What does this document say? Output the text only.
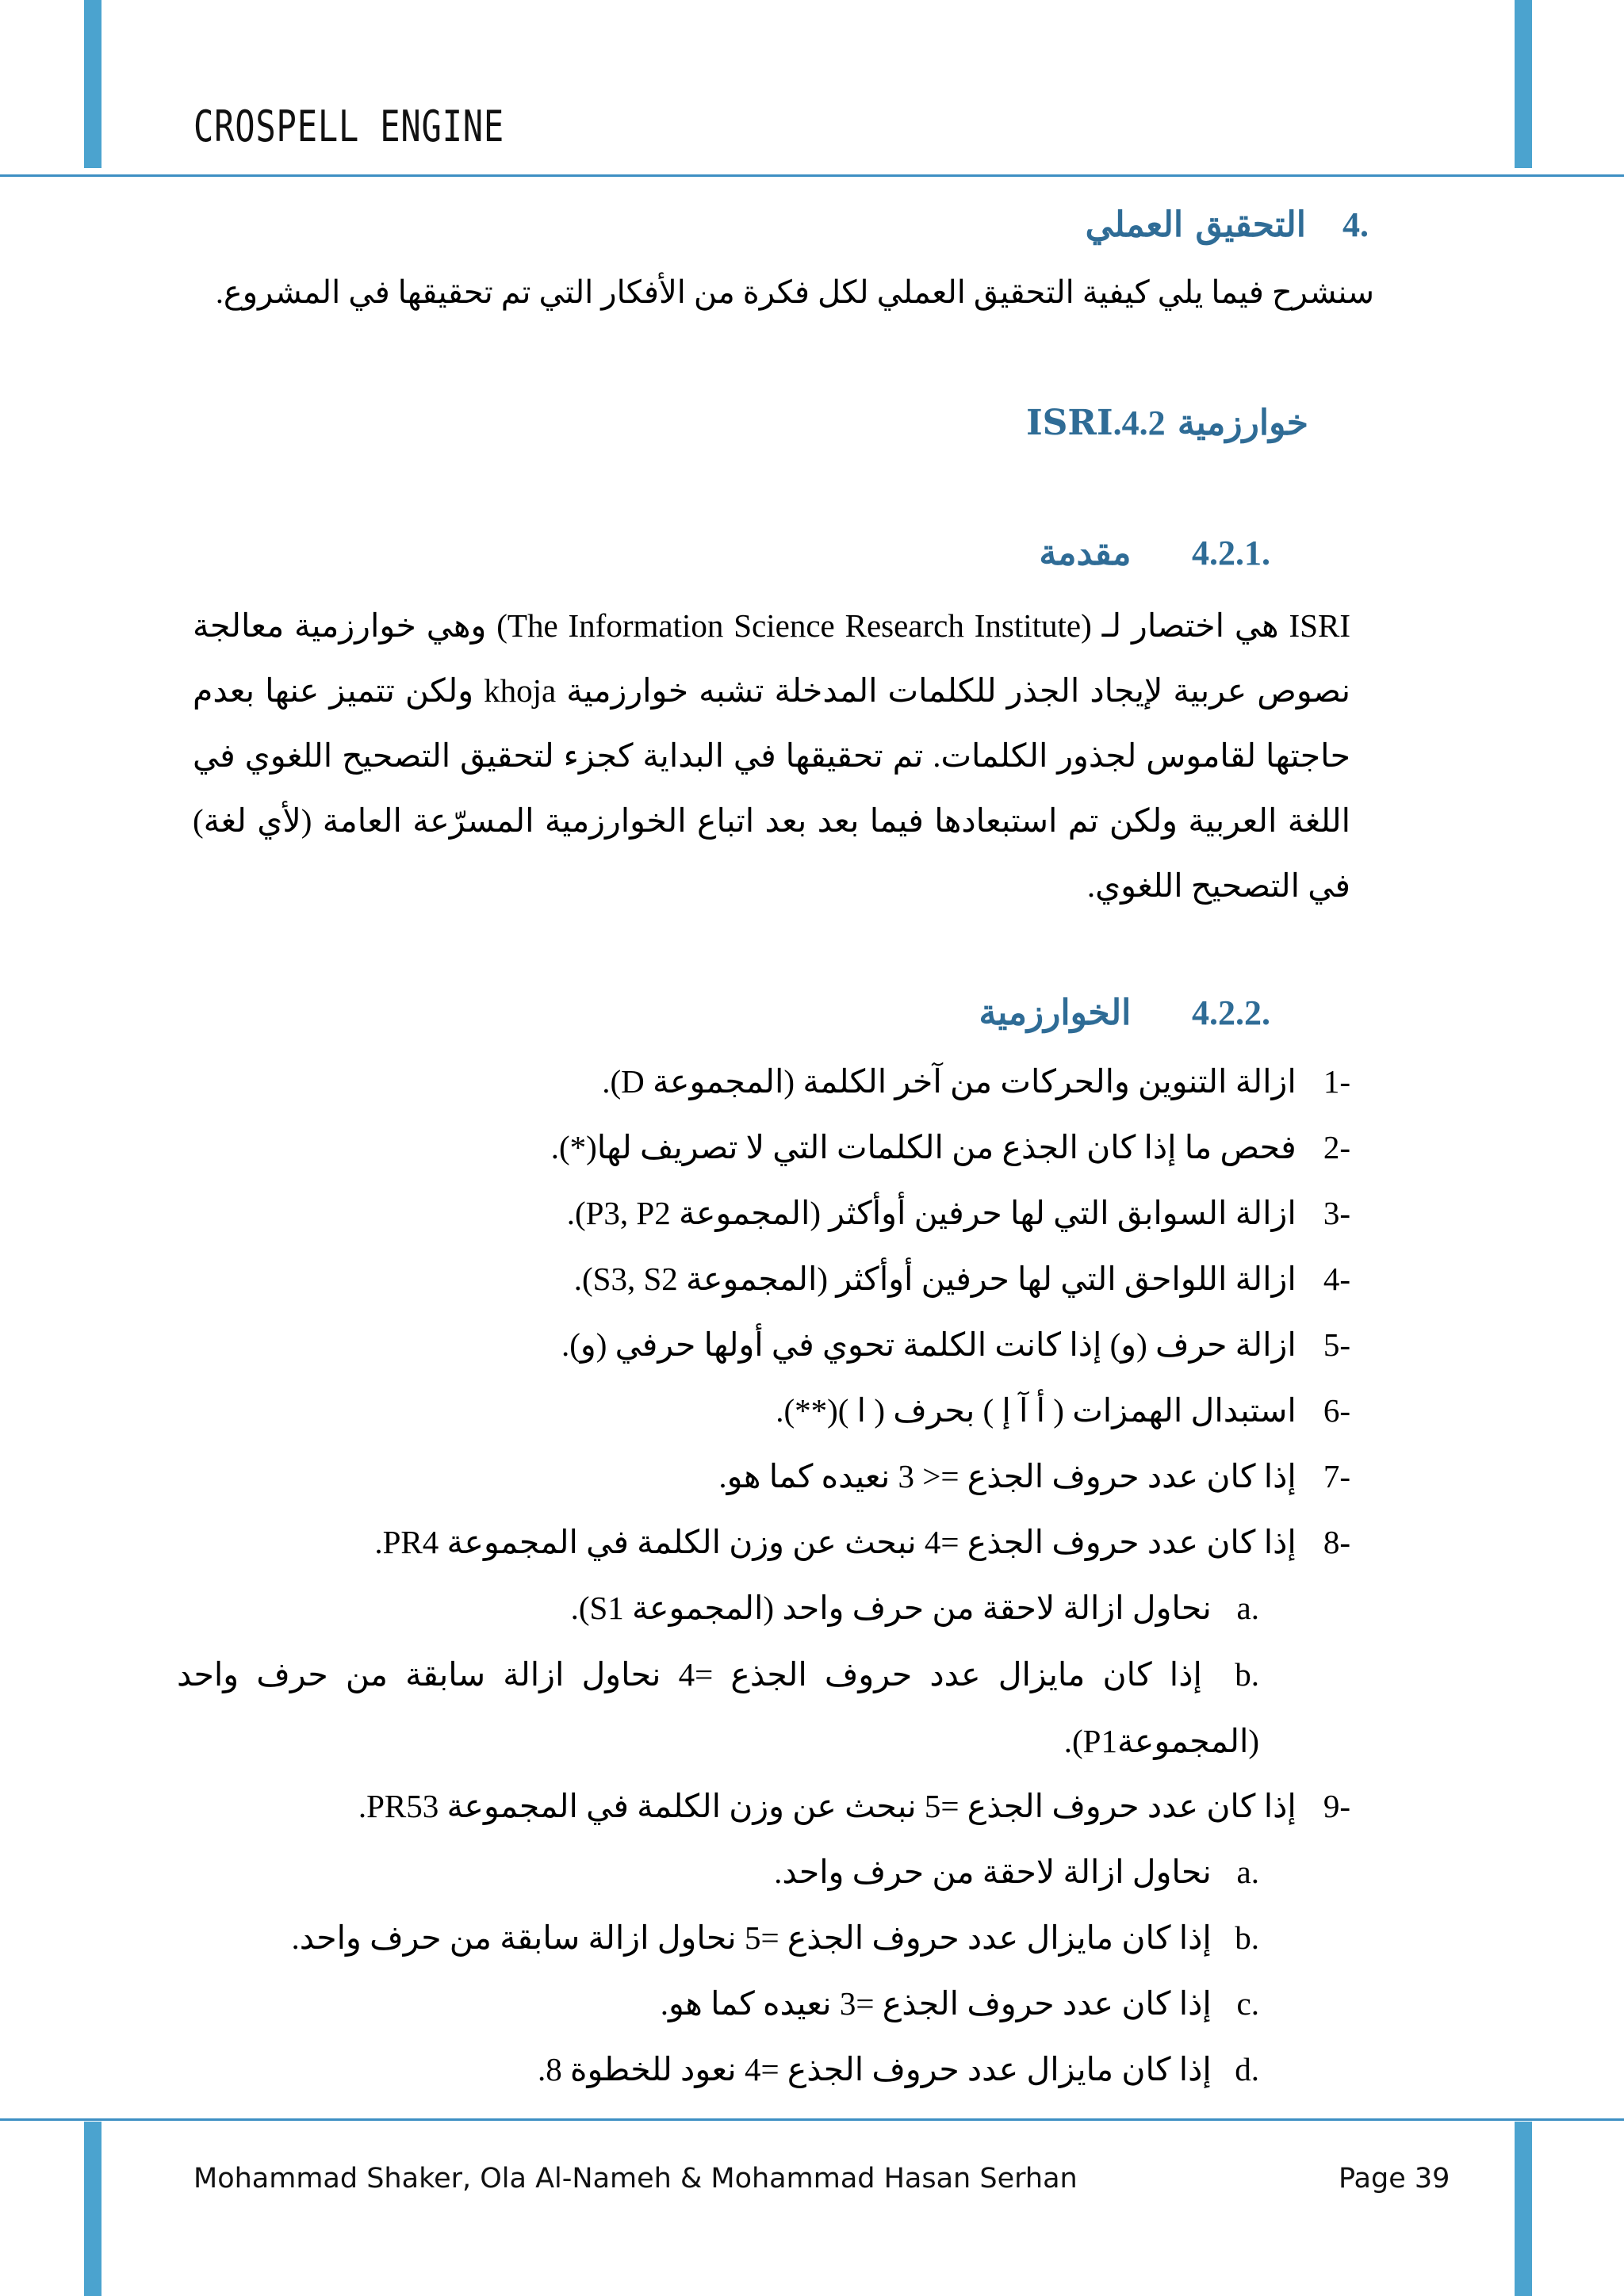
CROSPELL ENGINE
.4   التحقيق العملي
سنشرح فيما يلي كيفية التحقيق العملي لكل فكرة من الأفكار التي تم تحقيقها في المشروع.
خوارزمية ISRI.4.2
.4.2.1     مقدمة
ISRI هي اختصار لـ (The Information Science Research Institute) وهي خوارزمية معالجة نصوص عربية لإيجاد الجذر للكلمات المدخلة تشبه خوارزمية khoja ولكن تتميز عنها بعدم حاجتها لقاموس لجذور الكلمات. تم تحقيقها في البداية كجزء لتحقيق التصحيح اللغوي في اللغة العربية ولكن تم استبعادها فيما بعد بعد اتباع الخوارزمية المسرّعة العامة (لأي لغة) في التصحيح اللغوي.
.4.2.2     الخوارزمية
-1 ازالة التنوين والحركات من آخر الكلمة (المجموعة D).
-2 فحص ما إذا كان الجذع من الكلمات التي لا تصريف لها(*).
-3 ازالة السوابق التي لها حرفين أوأكثر (المجموعة P3, P2).
-4 ازالة اللواحق التي لها حرفين أوأكثر (المجموعة S3, S2).
-5 ازالة حرف (و) إذا كانت الكلمة تحوي في أولها حرفي (و).
-6 استبدال الهمزات ( أ آ إ ) بحرف ( ا )(**).
-7 إذا كان عدد حروف الجذع =< 3 نعيده كما هو.
-8 إذا كان عدد حروف الجذع =4 نبحث عن وزن الكلمة في المجموعة PR4.
.a نحاول ازالة لاحقة من حرف واحد (المجموعة S1).
.b إذا كان مايزال عدد حروف الجذع =4 نحاول ازالة سابقة من حرف واحد (المجموعةP1).
-9 إذا كان عدد حروف الجذع =5 نبحث عن وزن الكلمة في المجموعة PR53.
.a نحاول ازالة لاحقة من حرف واحد.
.b إذا كان مايزال عدد حروف الجذع =5 نحاول ازالة سابقة من حرف واحد.
.c إذا كان عدد حروف الجذع =3 نعيده كما هو.
.d إذا كان مايزال عدد حروف الجذع =4 نعود للخطوة 8.
Mohammad Shaker, Ola Al-Nameh & Mohammad Hasan Serhan	Page 39
